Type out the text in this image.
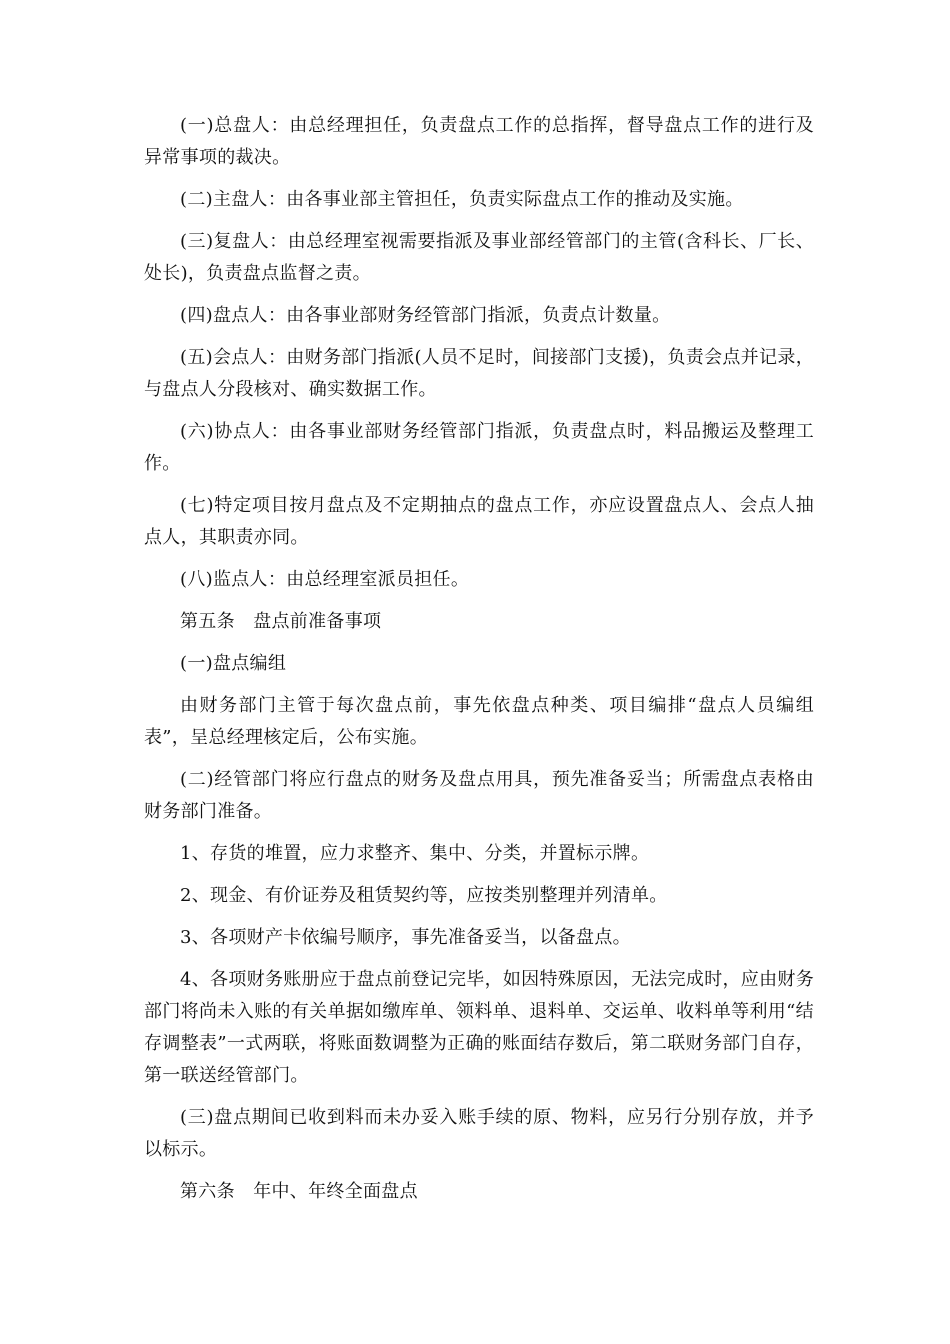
(一)总盘人：由总经理担任，负责盘点工作的总指挥，督导盘点工作的进行及异常事项的裁决。

(二)主盘人：由各事业部主管担任，负责实际盘点工作的推动及实施。

(三)复盘人：由总经理室视需要指派及事业部经管部门的主管(含科长、厂长、处长)，负责盘点监督之责。

(四)盘点人：由各事业部财务经管部门指派，负责点计数量。

(五)会点人：由财务部门指派(人员不足时，间接部门支援)，负责会点并记录，与盘点人分段核对、确实数据工作。

(六)协点人：由各事业部财务经管部门指派，负责盘点时，料品搬运及整理工作。

(七)特定项目按月盘点及不定期抽点的盘点工作，亦应设置盘点人、会点人抽点人，其职责亦同。

(八)监点人：由总经理室派员担任。

第五条　盘点前准备事项

(一)盘点编组

由财务部门主管于每次盘点前，事先依盘点种类、项目编排“盘点人员编组表”，呈总经理核定后，公布实施。

(二)经管部门将应行盘点的财务及盘点用具，预先准备妥当；所需盘点表格由财务部门准备。

1、存货的堆置，应力求整齐、集中、分类，并置标示牌。

2、现金、有价证券及租赁契约等，应按类别整理并列清单。

3、各项财产卡依编号顺序，事先准备妥当，以备盘点。

4、各项财务账册应于盘点前登记完毕，如因特殊原因，无法完成时，应由财务部门将尚未入账的有关单据如缴库单、领料单、退料单、交运单、收料单等利用“结存调整表”一式两联，将账面数调整为正确的账面结存数后，第二联财务部门自存，第一联送经管部门。

(三)盘点期间已收到料而未办妥入账手续的原、物料，应另行分别存放，并予以标示。

第六条　年中、年终全面盘点
